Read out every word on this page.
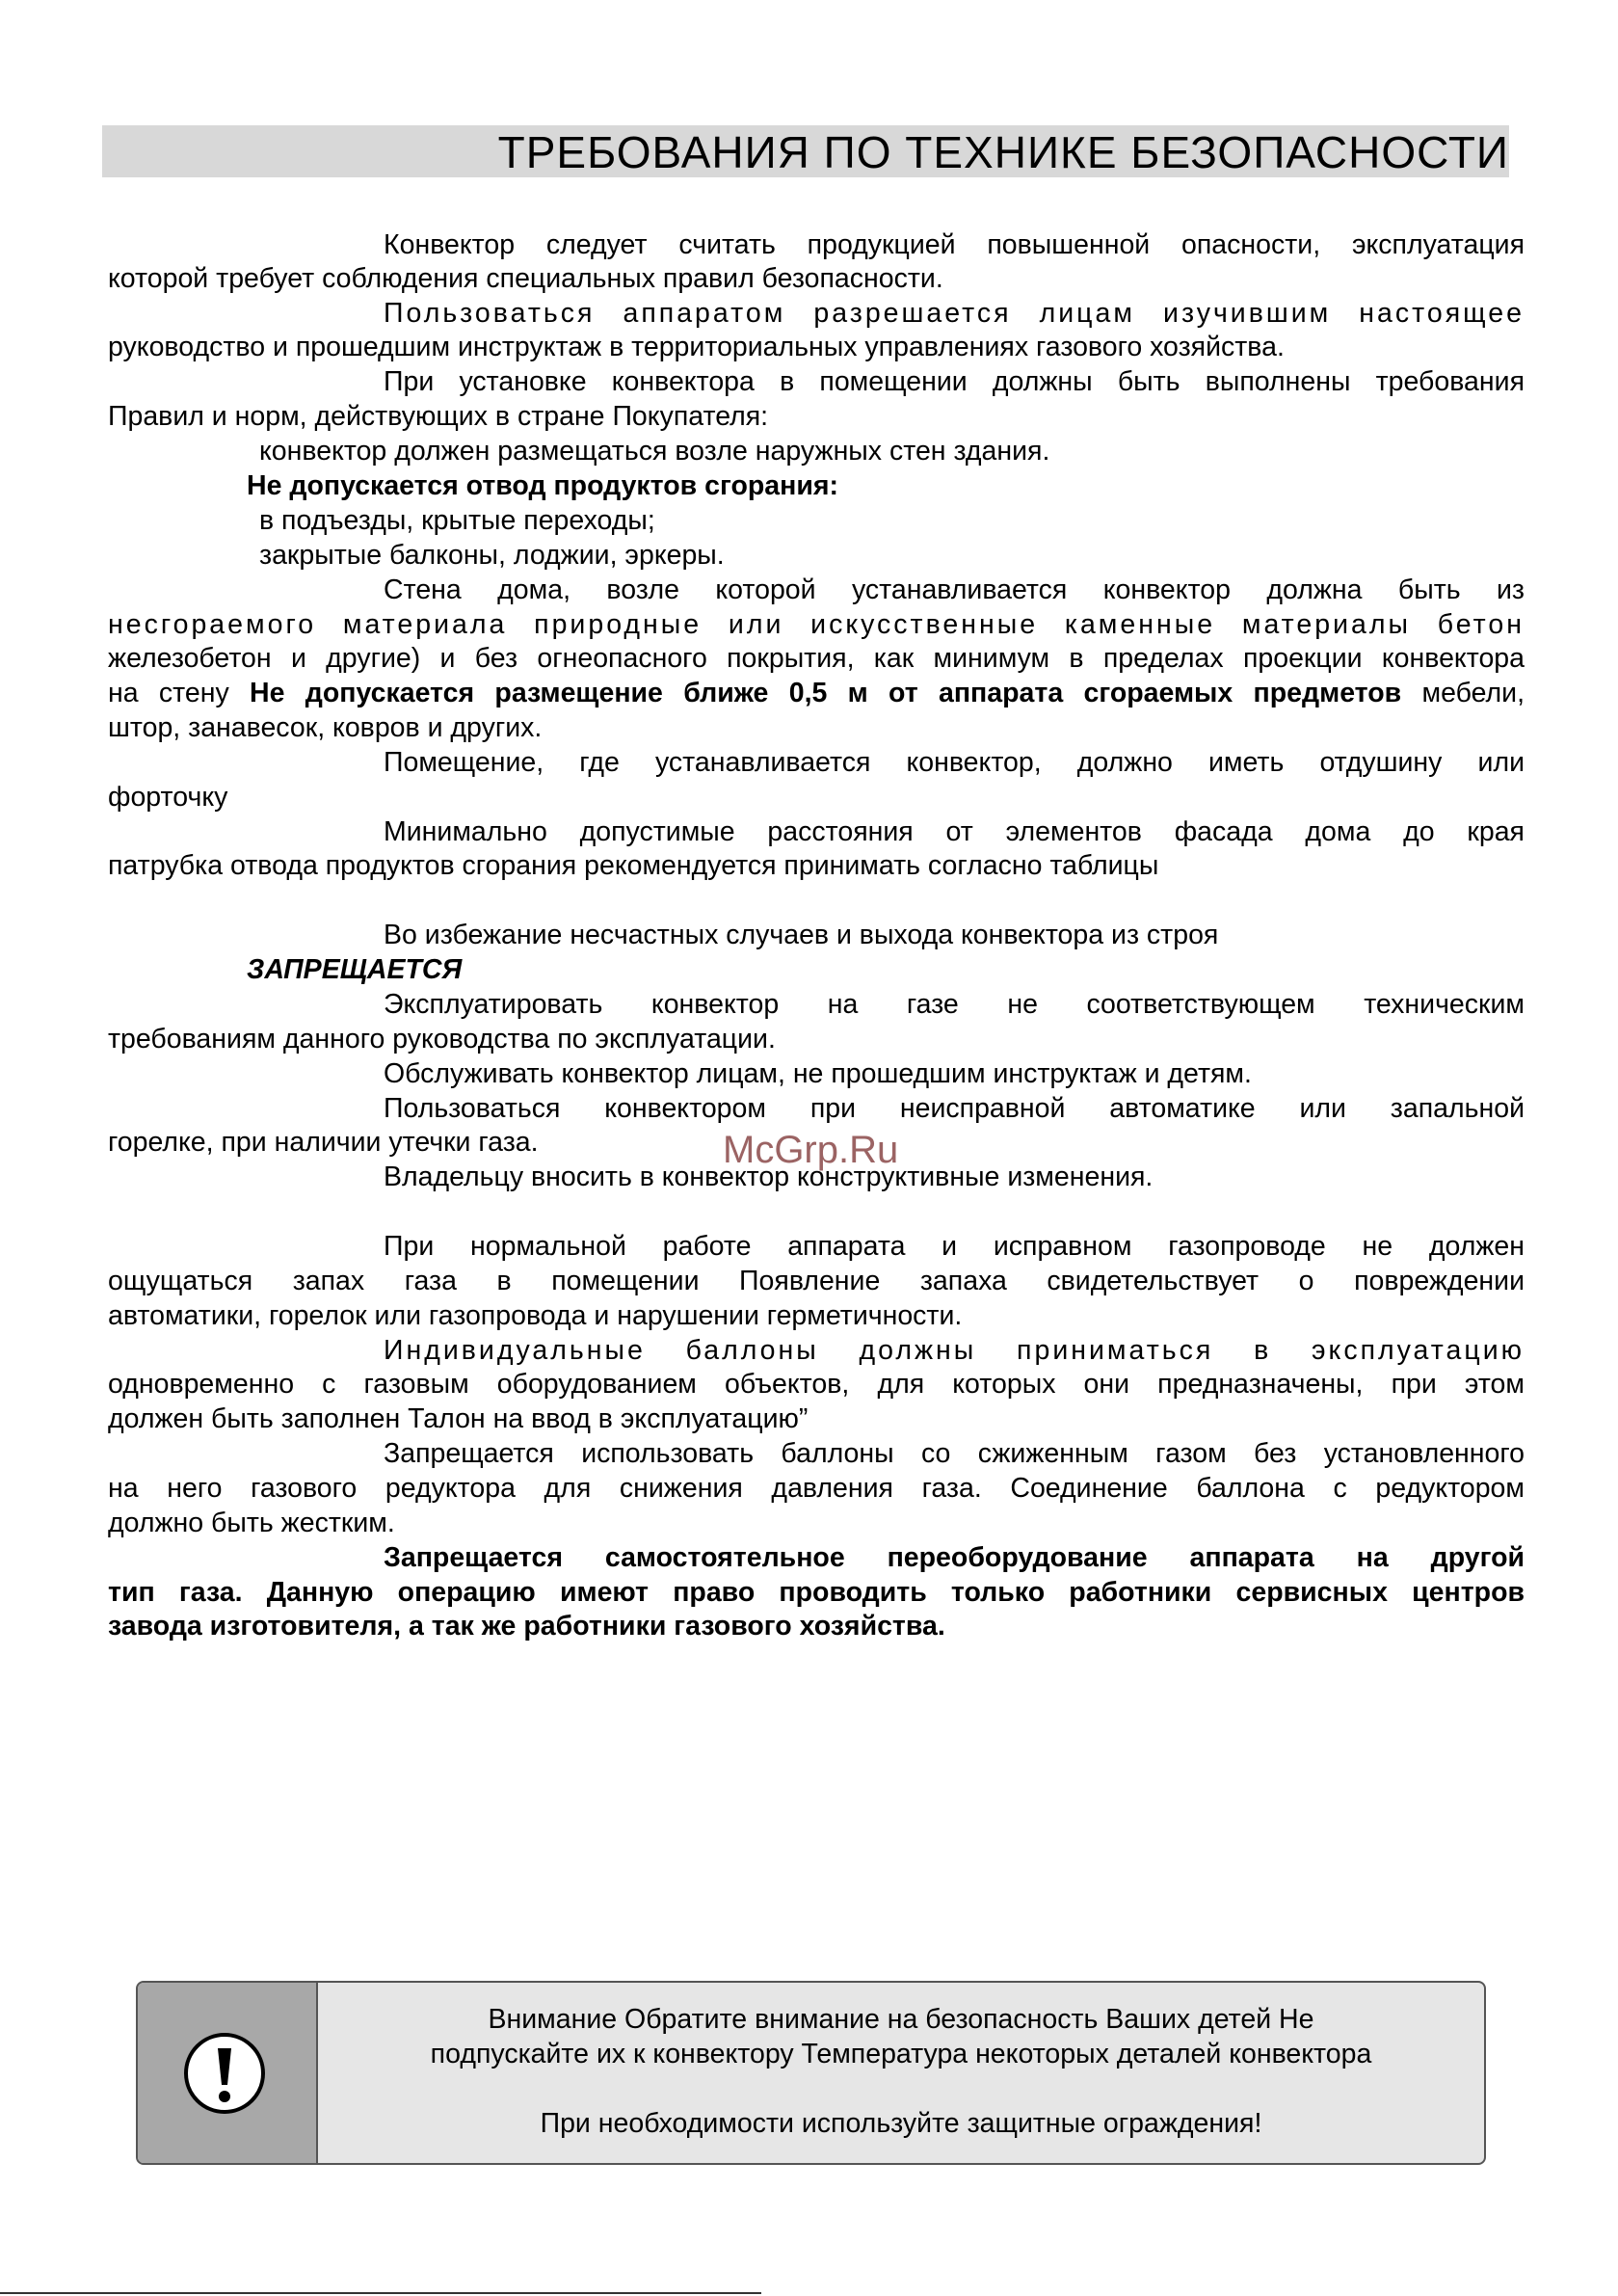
ТРЕБОВАНИЯ ПО ТЕХНИКЕ БЕЗОПАСНОСТИ
Конвектор следует считать продукцией повышенной опасности, эксплуатация
которой требует соблюдения специальных правил безопасности.
Пользоваться аппаратом разрешается лицам изучившим настоящее
руководство и прошедшим инструктаж в территориальных управлениях газового хозяйства.
При установке конвектора в помещении должны быть выполнены требования
Правил и норм, действующих в стране Покупателя:
конвектор должен размещаться возле наружных стен здания.
Не допускается отвод продуктов сгорания:
в подъезды, крытые переходы;
закрытые балконы, лоджии, эркеры.
Стена дома, возле которой устанавливается конвектор должна быть из
несгораемого материала природные или искусственные каменные материалы бетон
железобетон и другие) и без огнеопасного покрытия, как минимум в пределах проекции конвектора
на стену Не допускается размещение ближе 0,5 м от аппарата сгораемых предметов мебели,
штор, занавесок, ковров и других.
Помещение, где устанавливается конвектор, должно иметь отдушину или
форточку
Минимально допустимые расстояния от элементов фасада дома до края
патрубка отвода продуктов сгорания рекомендуется принимать согласно таблицы
Во избежание несчастных случаев и выхода конвектора из строя
ЗАПРЕЩАЕТСЯ
Эксплуатировать конвектор на газе не соответствующем техническим
требованиям данного руководства по эксплуатации.
Обслуживать конвектор лицам, не прошедшим инструктаж и детям.
Пользоваться конвектором при неисправной автоматике или запальной
горелке, при наличии утечки газа.
Владельцу вносить в конвектор конструктивные изменения.
При нормальной работе аппарата и исправном газопроводе не должен
ощущаться запах газа в помещении Появление запаха свидетельствует о повреждении
автоматики, горелок или газопровода и нарушении герметичности.
Индивидуальные баллоны должны приниматься в эксплуатацию
одновременно с газовым оборудованием объектов, для которых они предназначены, при этом
должен быть заполнен Талон на ввод в эксплуатацию”
Запрещается использовать баллоны со сжиженным газом без установленного
на него газового редуктора для снижения давления газа. Соединение баллона с редуктором
должно быть жестким.
Запрещается самостоятельное переоборудование аппарата на другой
тип газа. Данную операцию имеют право проводить только работники сервисных центров
завода изготовителя, а так же работники газового хозяйства.
McGrp.Ru
Внимание Обратите внимание на безопасность Ваших детей Не
подпускайте их к конвектору Температура некоторых деталей конвектора
При необходимости используйте защитные ограждения!
